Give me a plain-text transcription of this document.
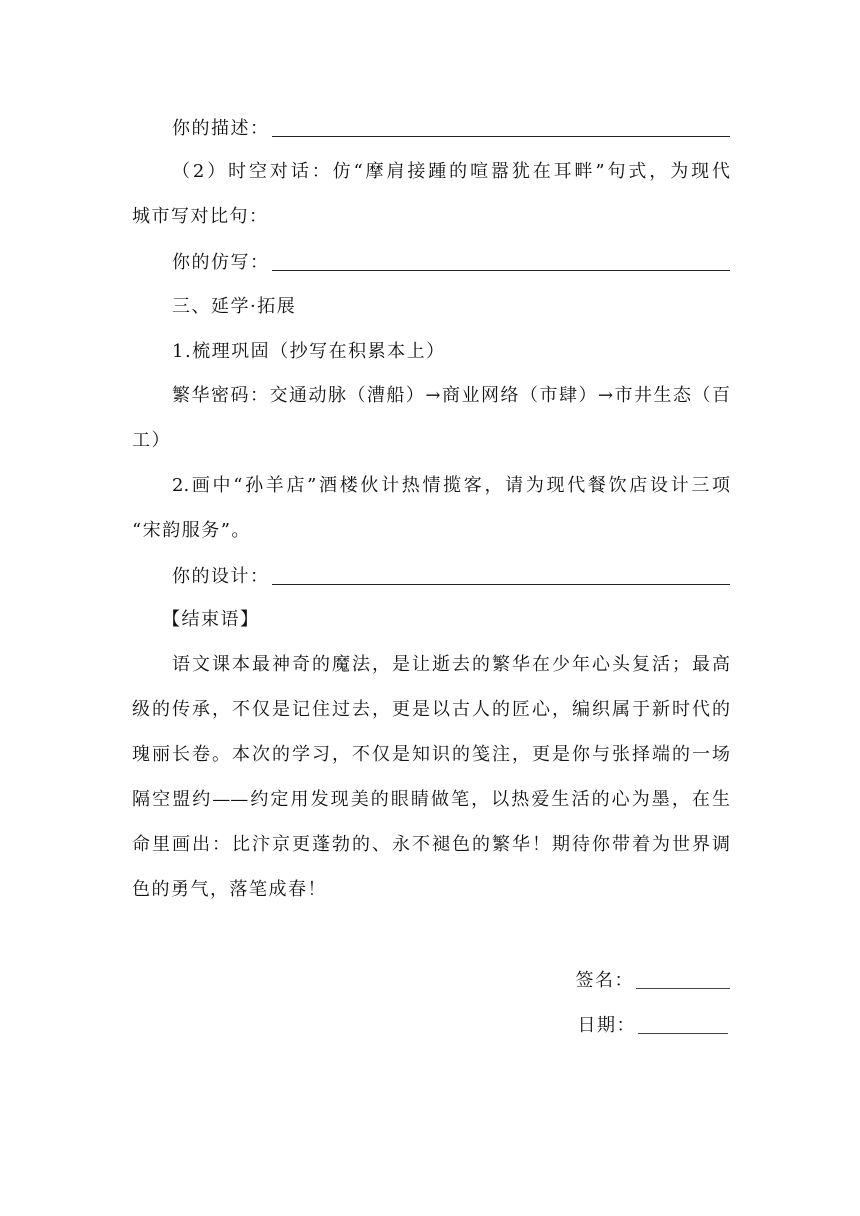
你的描述：
（2）时空对话：仿“摩肩接踵的喧嚣犹在耳畔”句式，为现代
城市写对比句：
你的仿写：
三、延学·拓展
1.梳理巩固（抄写在积累本上）
繁华密码：交通动脉（漕船）→商业网络（市肆）→市井生态（百
工）
2.画中“孙羊店”酒楼伙计热情揽客，请为现代餐饮店设计三项
“宋韵服务”。
你的设计：
【结束语】
语文课本最神奇的魔法，是让逝去的繁华在少年心头复活；最高
级的传承，不仅是记住过去，更是以古人的匠心，编织属于新时代的
瑰丽长卷。本次的学习，不仅是知识的笺注，更是你与张择端的一场
隔空盟约——约定用发现美的眼睛做笔，以热爱生活的心为墨，在生
命里画出：比汴京更蓬勃的、永不褪色的繁华！期待你带着为世界调
色的勇气，落笔成春！
签名：
日期：
